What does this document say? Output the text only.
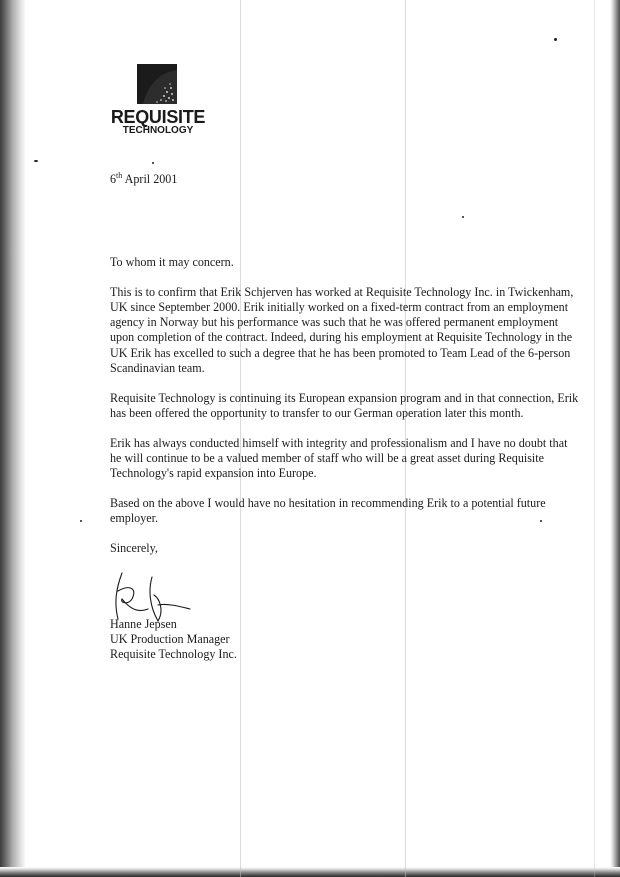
REQUISITE
TECHNOLOGY

6th April 2001

To whom it may concern.

This is to confirm that Erik Schjerven has worked at Requisite Technology Inc. in Twickenham, UK since September 2000. Erik initially worked on a fixed-term contract from an employment agency in Norway but his performance was such that he was offered permanent employment upon completion of the contract. Indeed, during his employment at Requisite Technology in the UK Erik has excelled to such a degree that he has been promoted to Team Lead of the 6-person Scandinavian team.

Requisite Technology is continuing its European expansion program and in that connection, Erik has been offered the opportunity to transfer to our German operation later this month.

Erik has always conducted himself with integrity and professionalism and I have no doubt that he will continue to be a valued member of staff who will be a great asset during Requisite Technology's rapid expansion into Europe.

Based on the above I would have no hesitation in recommending Erik to a potential future employer.

Sincerely,

Hanne Jepsen

UK Production Manager

Requisite Technology Inc.
